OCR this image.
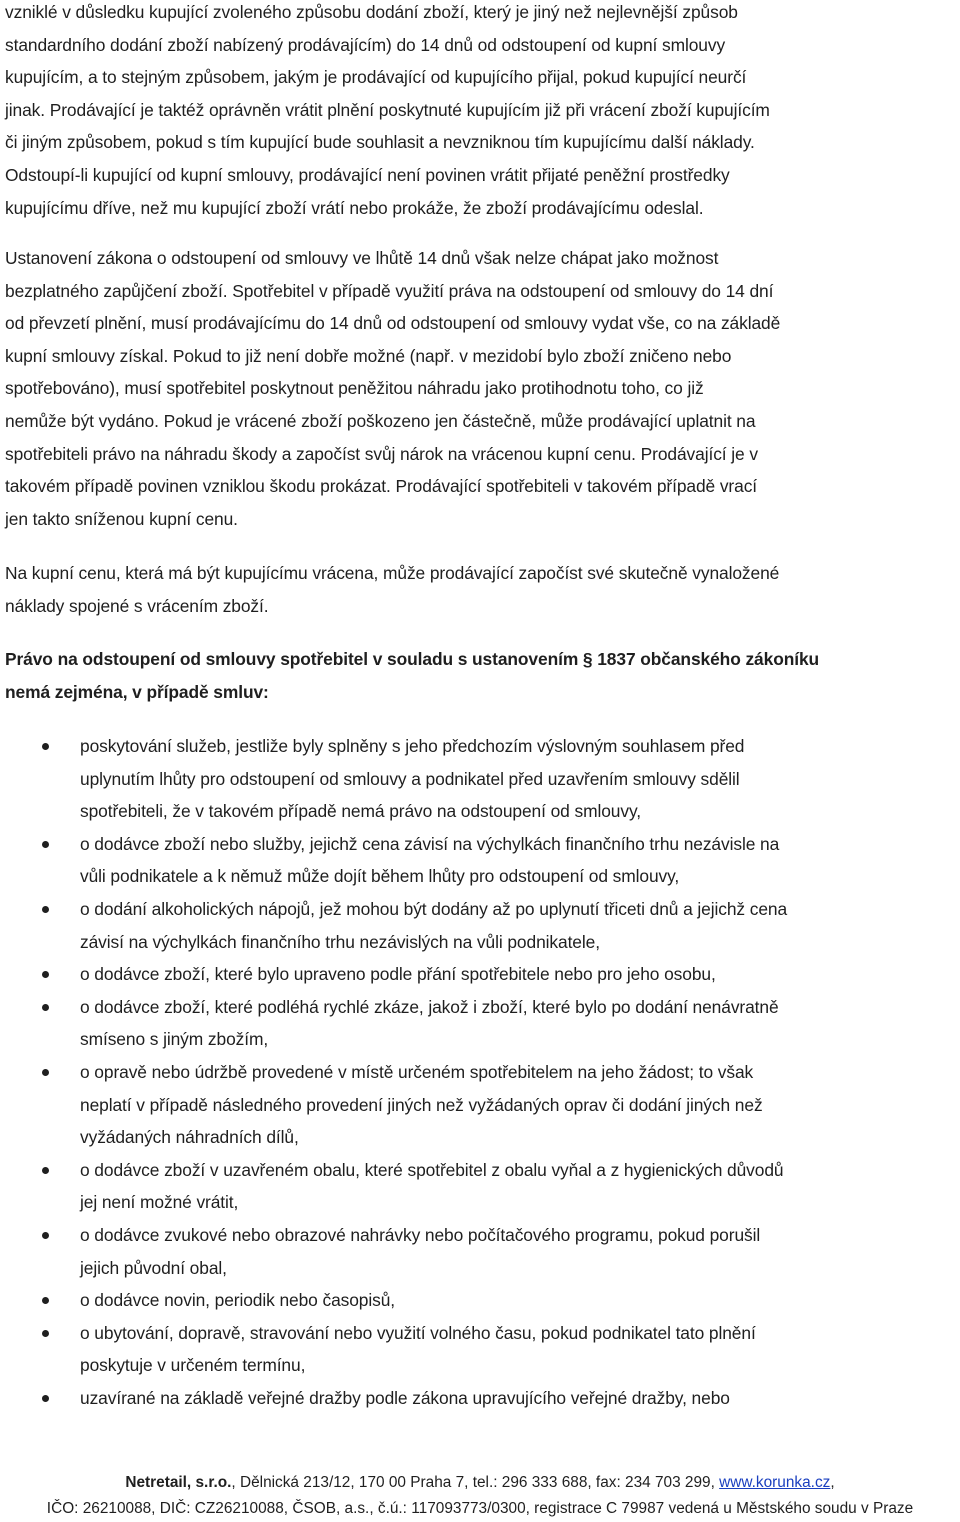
vzniklé v důsledku kupující zvoleného způsobu dodání zboží, který je jiný než nejlevnější způsob
standardního dodání zboží nabízený prodávajícím) do 14 dnů od odstoupení od kupní smlouvy
kupujícím, a to stejným způsobem, jakým je prodávající od kupujícího přijal, pokud kupující neurčí
jinak. Prodávající je taktéž oprávněn vrátit plnění poskytnuté kupujícím již při vrácení zboží kupujícím
či jiným způsobem, pokud s tím kupující bude souhlasit a nevzniknou tím kupujícímu další náklady.
Odstoupí-li kupující od kupní smlouvy, prodávající není povinen vrátit přijaté peněžní prostředky
kupujícímu dříve, než mu kupující zboží vrátí nebo prokáže, že zboží prodávajícímu odeslal.
Ustanovení zákona o odstoupení od smlouvy ve lhůtě 14 dnů však nelze chápat jako možnost
bezplatného zapůjčení zboží. Spotřebitel v případě využití práva na odstoupení od smlouvy do 14 dní
od převzetí plnění, musí prodávajícímu do 14 dnů od odstoupení od smlouvy vydat vše, co na základě
kupní smlouvy získal. Pokud to již není dobře možné (např. v mezidobí bylo zboží zničeno nebo
spotřebováno), musí spotřebitel poskytnout peněžitou náhradu jako protihodnotu toho, co již
nemůže být vydáno. Pokud je vrácené zboží poškozeno jen částečně, může prodávající uplatnit na
spotřebiteli právo na náhradu škody a započíst svůj nárok na vrácenou kupní cenu. Prodávající je v
takovém případě povinen vzniklou škodu prokázat. Prodávající spotřebiteli v takovém případě vrací
jen takto sníženou kupní cenu.
Na kupní cenu, která má být kupujícímu vrácena, může prodávající započíst své skutečně vynaložené
náklady spojené s vrácením zboží.
Právo na odstoupení od smlouvy spotřebitel v souladu s ustanovením § 1837 občanského zákoníku
nemá zejména, v případě smluv:
poskytování služeb, jestliže byly splněny s jeho předchozím výslovným souhlasem před
uplynutím lhůty pro odstoupení od smlouvy a podnikatel před uzavřením smlouvy sdělil
spotřebiteli, že v takovém případě nemá právo na odstoupení od smlouvy,
o dodávce zboží nebo služby, jejichž cena závisí na výchylkách finančního trhu nezávisle na
vůli podnikatele a k němuž může dojít během lhůty pro odstoupení od smlouvy,
o dodání alkoholických nápojů, jež mohou být dodány až po uplynutí třiceti dnů a jejichž cena
závisí na výchylkách finančního trhu nezávislých na vůli podnikatele,
o dodávce zboží, které bylo upraveno podle přání spotřebitele nebo pro jeho osobu,
o dodávce zboží, které podléhá rychlé zkáze, jakož i zboží, které bylo po dodání nenávratně
smíseno s jiným zbožím,
o opravě nebo údržbě provedené v místě určeném spotřebitelem na jeho žádost; to však
neplatí v případě následného provedení jiných než vyžádaných oprav či dodání jiných než
vyžádaných náhradních dílů,
o dodávce zboží v uzavřeném obalu, které spotřebitel z obalu vyňal a z hygienických důvodů
jej není možné vrátit,
o dodávce zvukové nebo obrazové nahrávky nebo počítačového programu, pokud porušil
jejich původní obal,
o dodávce novin, periodik nebo časopisů,
o ubytování, dopravě, stravování nebo využití volného času, pokud podnikatel tato plnění
poskytuje v určeném termínu,
uzavírané na základě veřejné dražby podle zákona upravujícího veřejné dražby, nebo
Netretail, s.r.o., Dělnická 213/12, 170 00 Praha 7, tel.: 296 333 688, fax: 234 703 299, www.korunka.cz,
IČO: 26210088, DIČ: CZ26210088, ČSOB, a.s., č.ú.: 117093773/0300, registrace C 79987 vedená u Městského soudu v Praze
